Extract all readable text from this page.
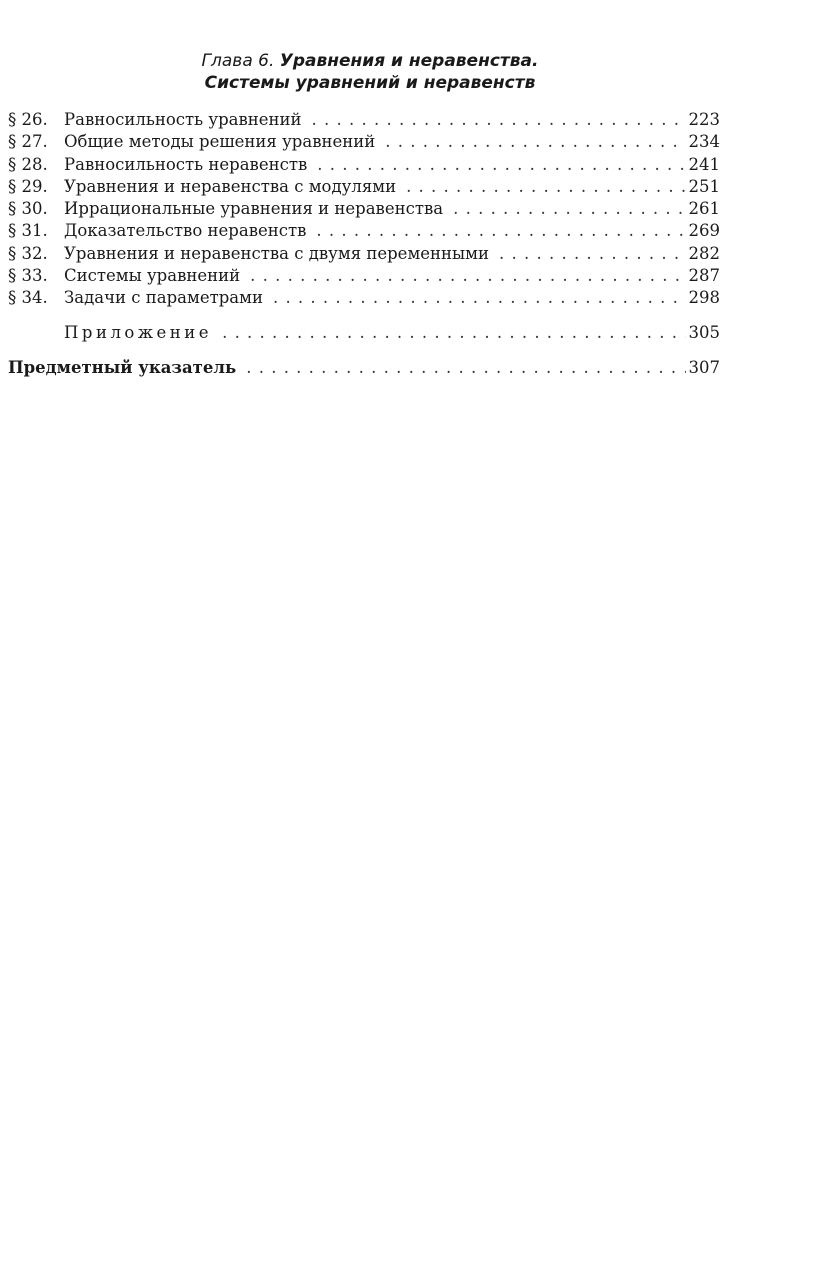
Глава 6. Уравнения и неравенства.
Системы уравнений и неравенств
§ 26. Равносильность уравнений . . .	223
§ 27. Общие методы решения уравнений . . .	234
§ 28. Равносильность неравенств . . .	241
§ 29. Уравнения и неравенства с модулями . . .	251
§ 30. Иррациональные уравнения и неравенства . . .	261
§ 31. Доказательство неравенств . . .	269
§ 32. Уравнения и неравенства с двумя переменными . . .	282
§ 33. Системы уравнений . . .	287
§ 34. Задачи с параметрами . . .	298
Приложение . . .	305
Предметный указатель . . .	307
